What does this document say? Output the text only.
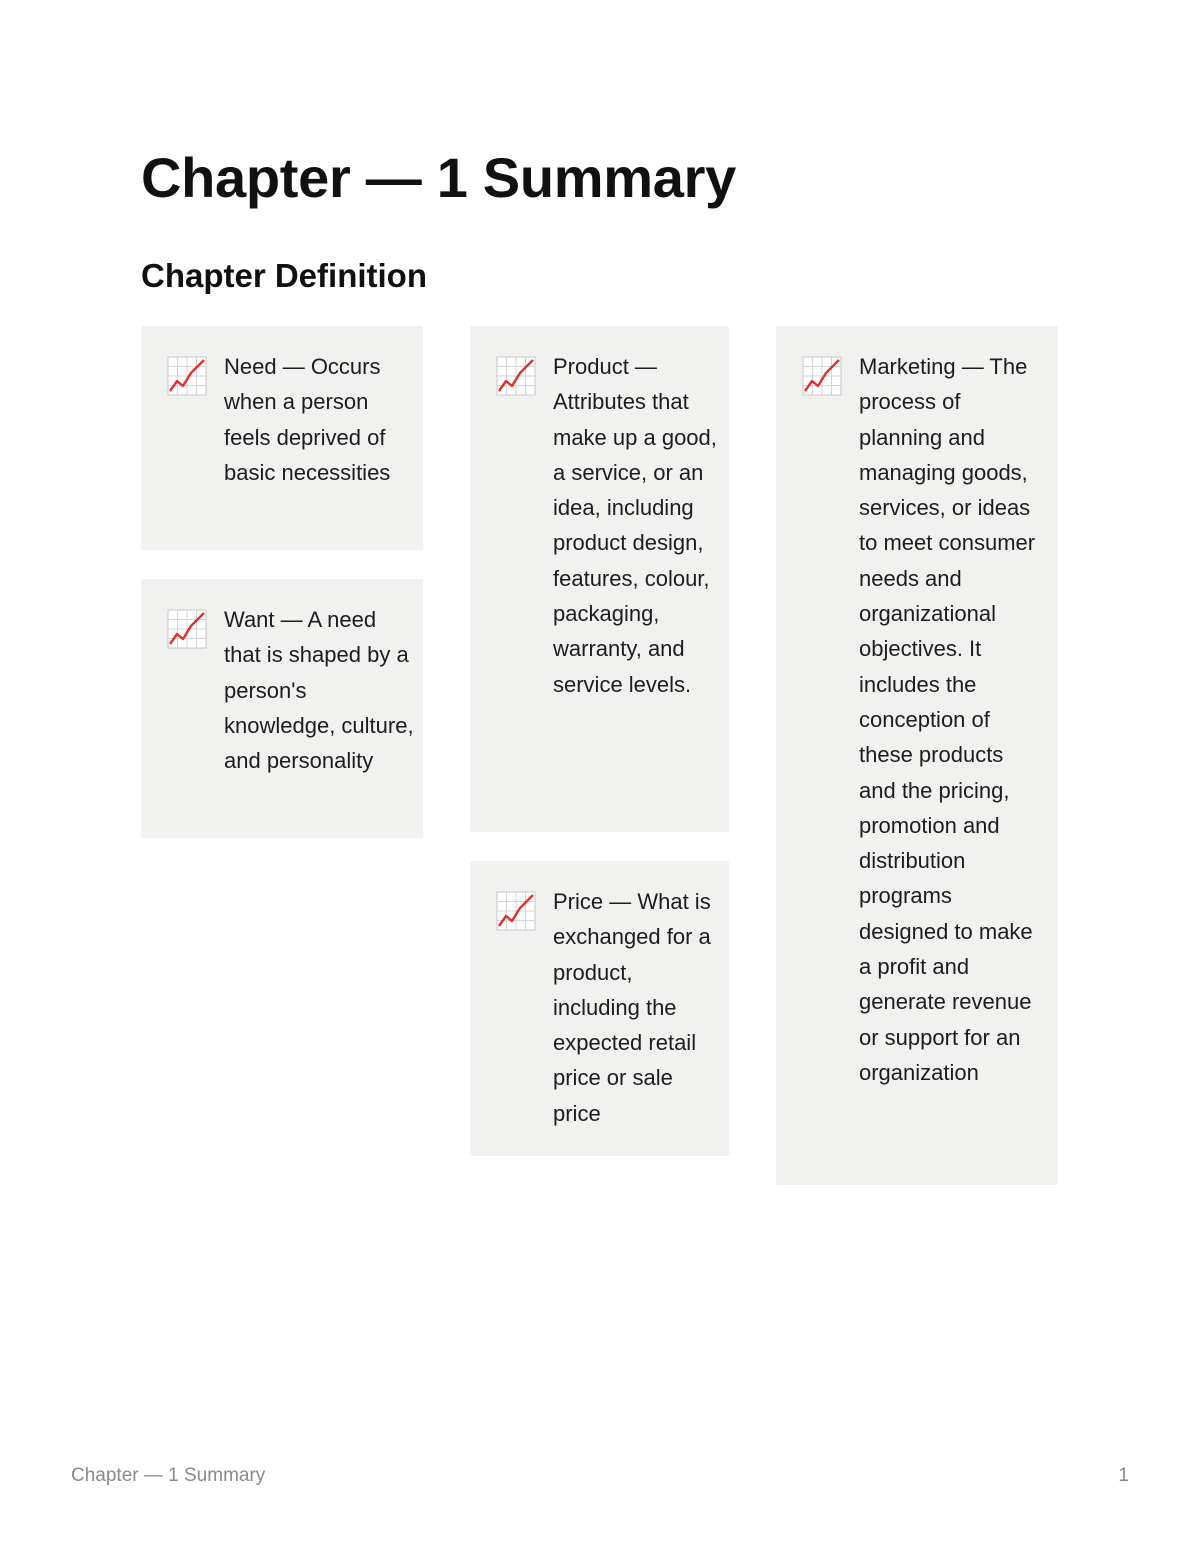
Chapter — 1 Summary
Chapter Definition

Need — Occurs when a person feels deprived of basic necessities

Want — A need that is shaped by a person's knowledge, culture, and personality

Product — Attributes that make up a good, a service, or an idea, including product design, features, colour, packaging, warranty, and service levels.

Price — What is exchanged for a product, including the expected retail price or sale price

Marketing — The process of planning and managing goods, services, or ideas to meet consumer needs and organizational objectives. It includes the conception of these products and the pricing, promotion and distribution programs designed to make a profit and generate revenue or support for an organization

Chapter — 1 Summary	1
